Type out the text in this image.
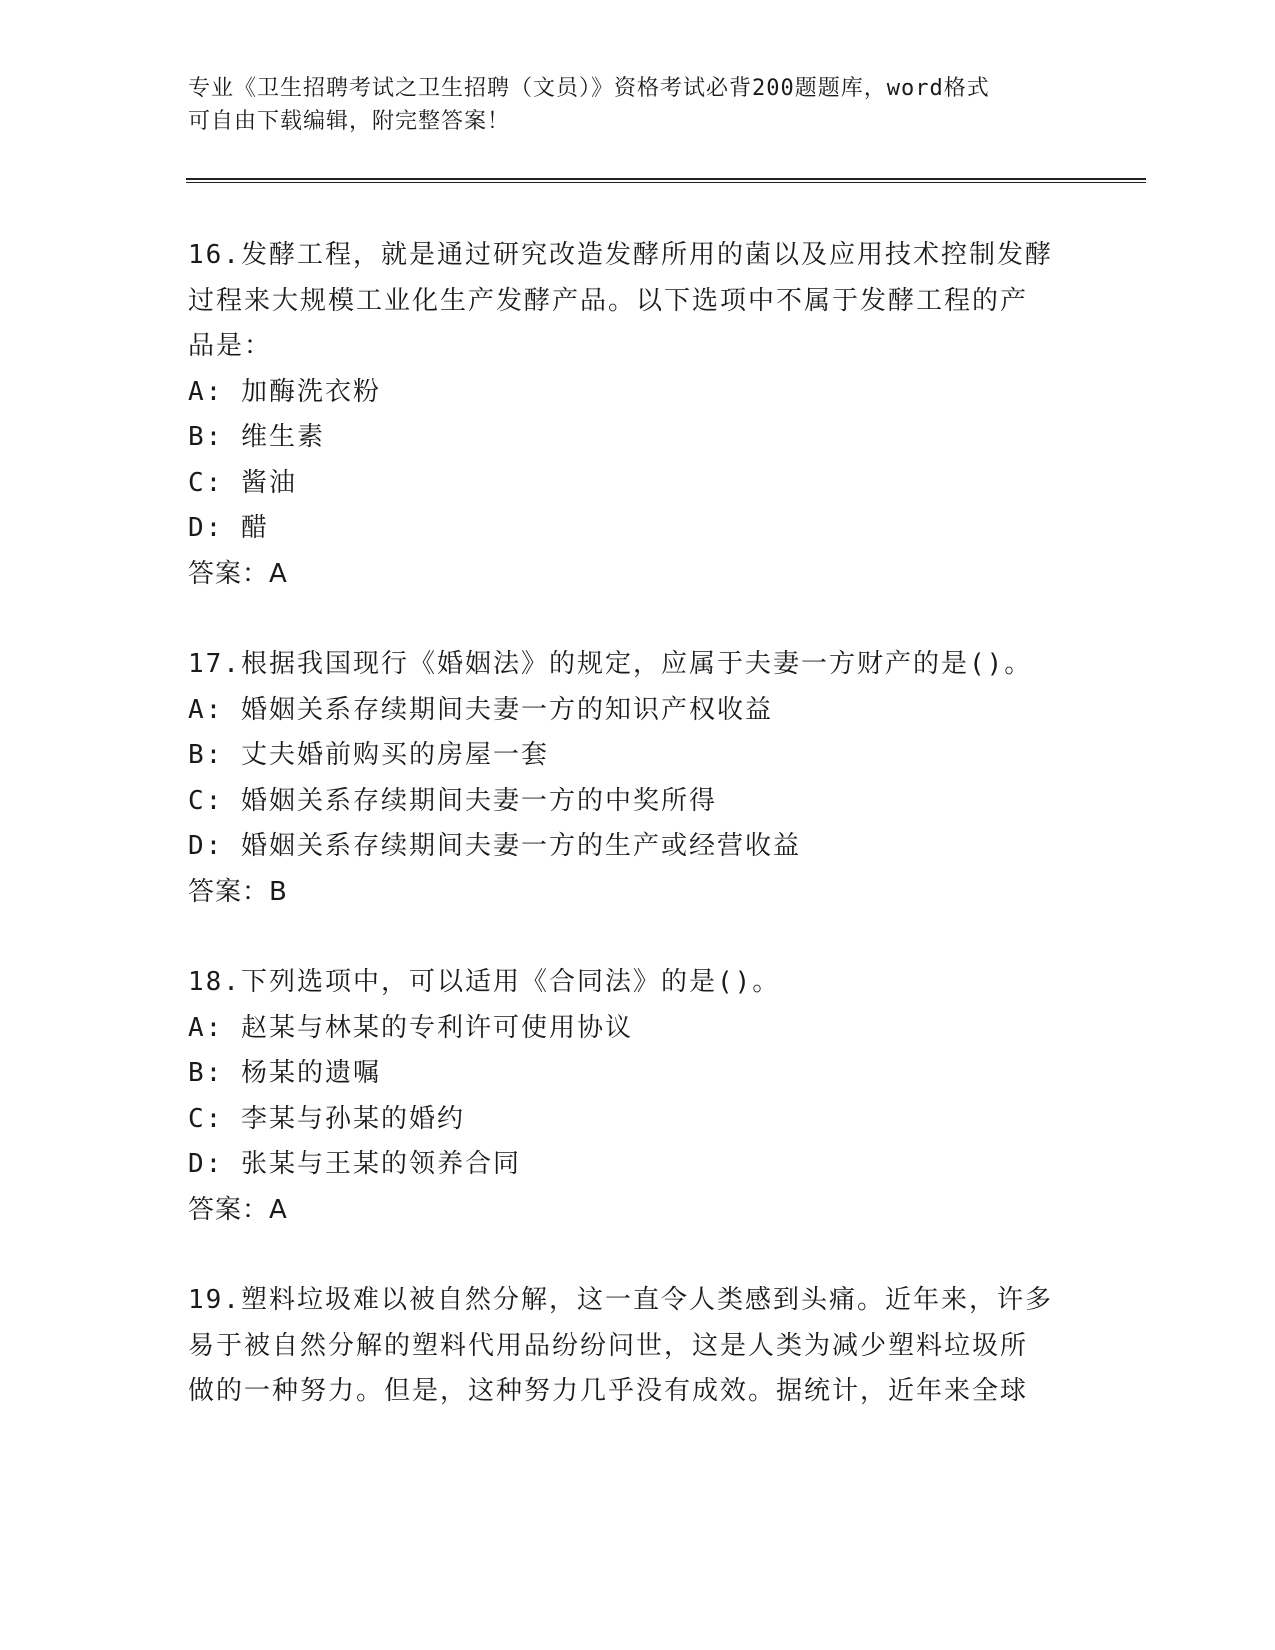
专业《卫生招聘考试之卫生招聘（文员）》资格考试必背200题题库，word格式
可自由下载编辑，附完整答案！

16.发酵工程，就是通过研究改造发酵所用的菌以及应用技术控制发酵

过程来大规模工业化生产发酵产品。以下选项中不属于发酵工程的产

品是：

A: 加酶洗衣粉

B: 维生素

C: 酱油

D: 醋

答案：A

17.根据我国现行《婚姻法》的规定，应属于夫妻一方财产的是()。

A: 婚姻关系存续期间夫妻一方的知识产权收益

B: 丈夫婚前购买的房屋一套

C: 婚姻关系存续期间夫妻一方的中奖所得

D: 婚姻关系存续期间夫妻一方的生产或经营收益

答案：B

18.下列选项中，可以适用《合同法》的是()。

A: 赵某与林某的专利许可使用协议

B: 杨某的遗嘱

C: 李某与孙某的婚约

D: 张某与王某的领养合同

答案：A

19.塑料垃圾难以被自然分解，这一直令人类感到头痛。近年来，许多

易于被自然分解的塑料代用品纷纷问世，这是人类为减少塑料垃圾所

做的一种努力。但是，这种努力几乎没有成效。据统计，近年来全球
